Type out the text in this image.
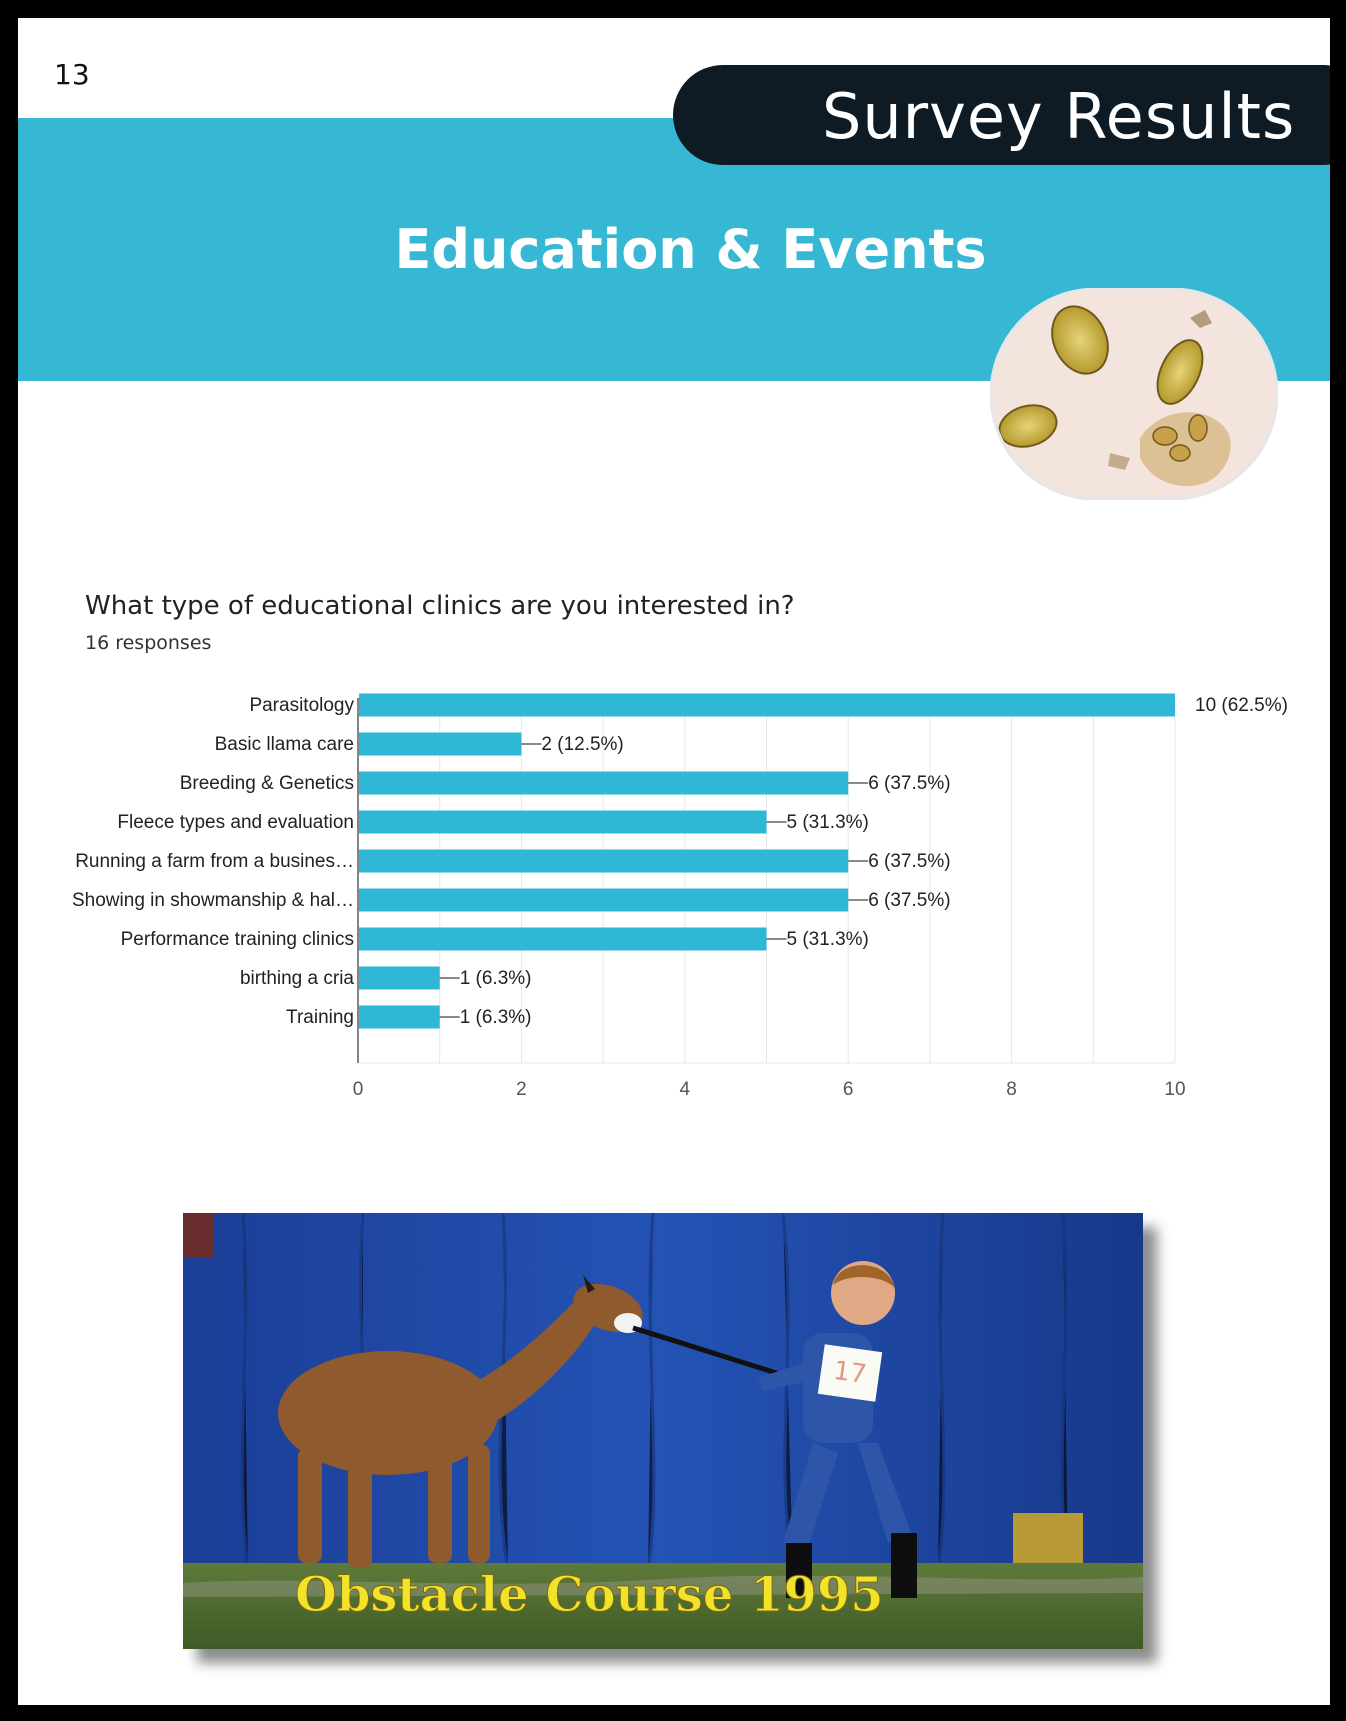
13
Survey Results
Education & Events
What type of educational clinics are you interested in?
16 responses
Parasitology	10 (62.5%)
Basic llama care	2 (12.5%)
Breeding & Genetics	6 (37.5%)
Fleece types and evaluation	5 (31.3%)
Running a farm from a busines…	6 (37.5%)
Showing in showmanship & hal…	6 (37.5%)
Performance training clinics	5 (31.3%)
birthing a cria	1 (6.3%)
Training	1 (6.3%)
0	2	4	6	8	10
17
Obstacle Course 1995
